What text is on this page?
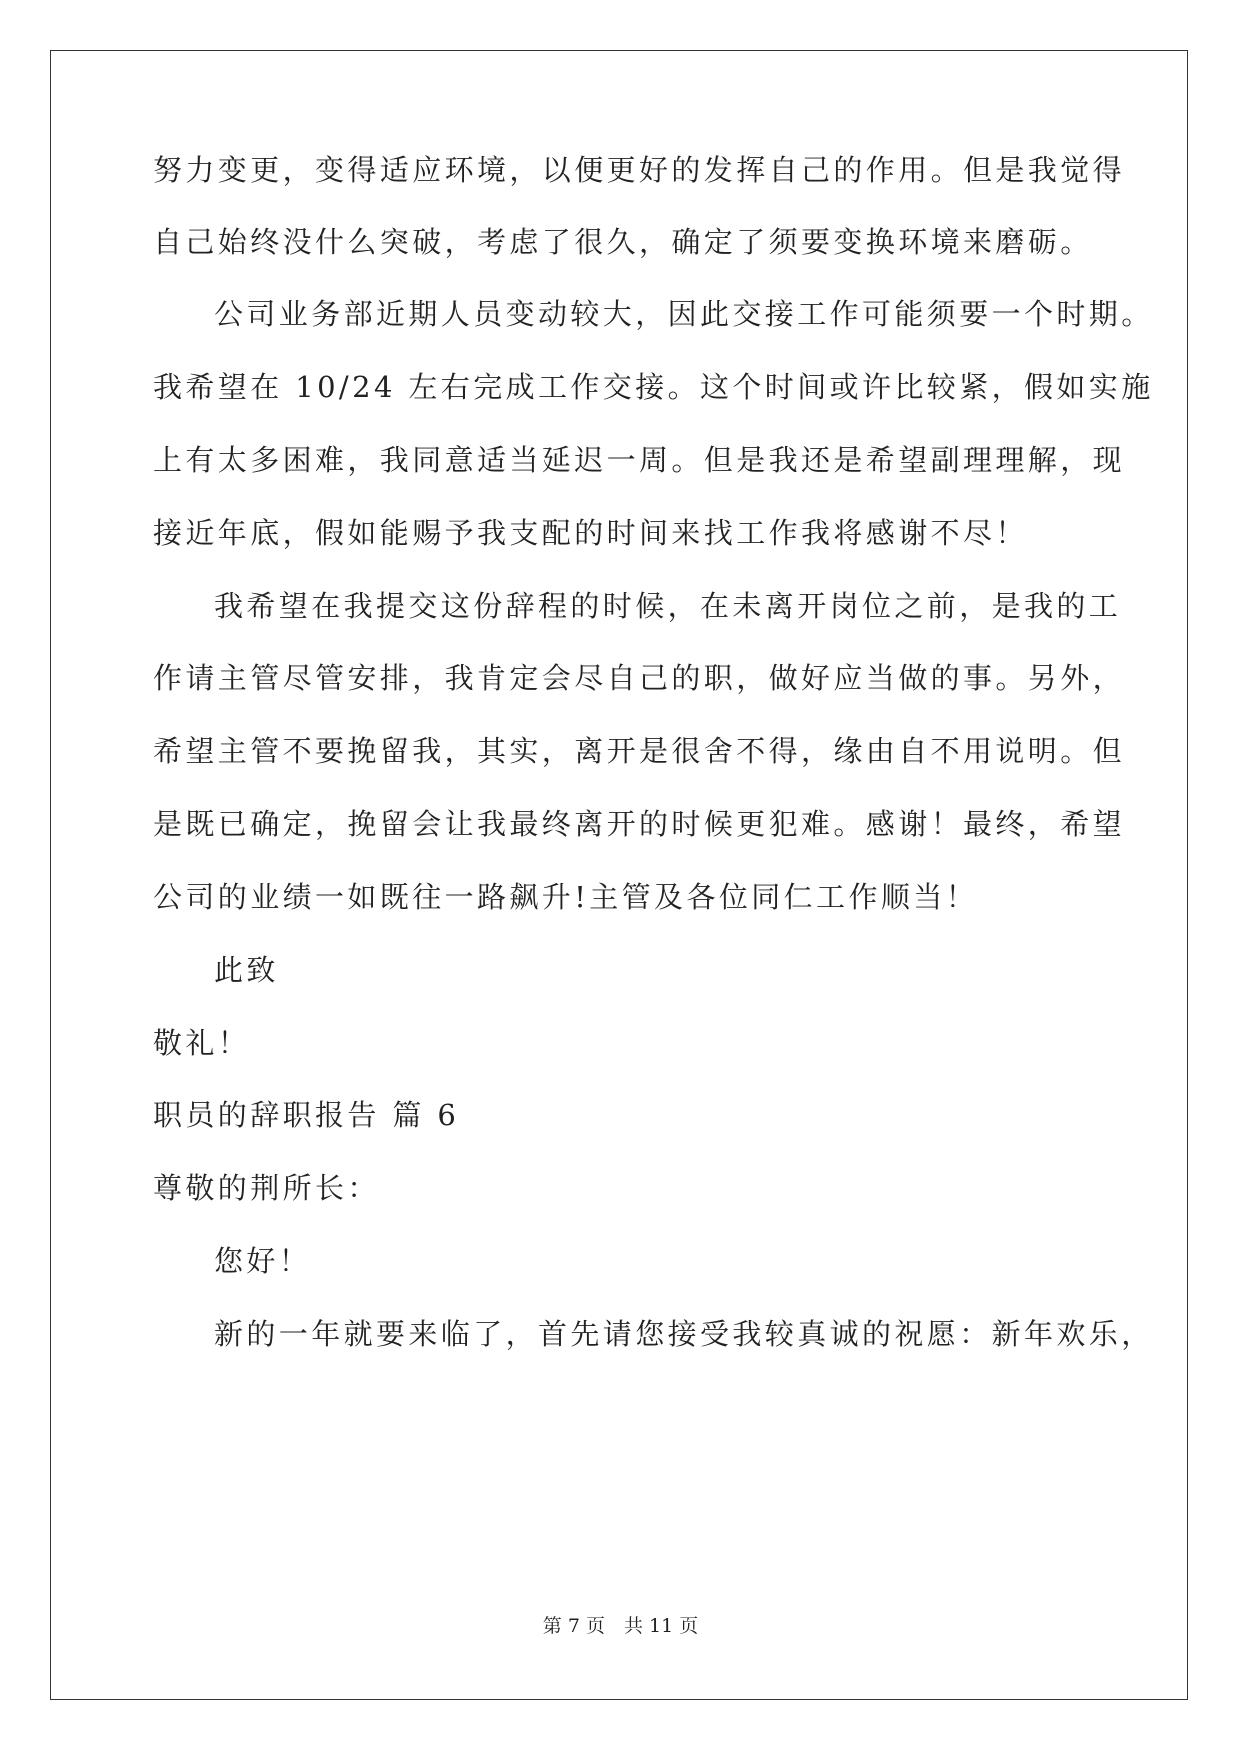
努力变更，变得适应环境，以便更好的发挥自己的作用。但是我觉得
自己始终没什么突破，考虑了很久，确定了须要变换环境来磨砺。
公司业务部近期人员变动较大，因此交接工作可能须要一个时期。
我希望在 10/24 左右完成工作交接。这个时间或许比较紧，假如实施
上有太多困难，我同意适当延迟一周。但是我还是希望副理理解，现
接近年底，假如能赐予我支配的时间来找工作我将感谢不尽！
我希望在我提交这份辞程的时候，在未离开岗位之前，是我的工
作请主管尽管安排，我肯定会尽自己的职，做好应当做的事。另外，
希望主管不要挽留我，其实，离开是很舍不得，缘由自不用说明。但
是既已确定，挽留会让我最终离开的时候更犯难。感谢！最终，希望
公司的业绩一如既往一路飙升!主管及各位同仁工作顺当！
此致
敬礼！
职员的辞职报告 篇 6
尊敬的荆所长：
您好！
新的一年就要来临了，首先请您接受我较真诚的祝愿：新年欢乐，
第 7 页　共 11 页
